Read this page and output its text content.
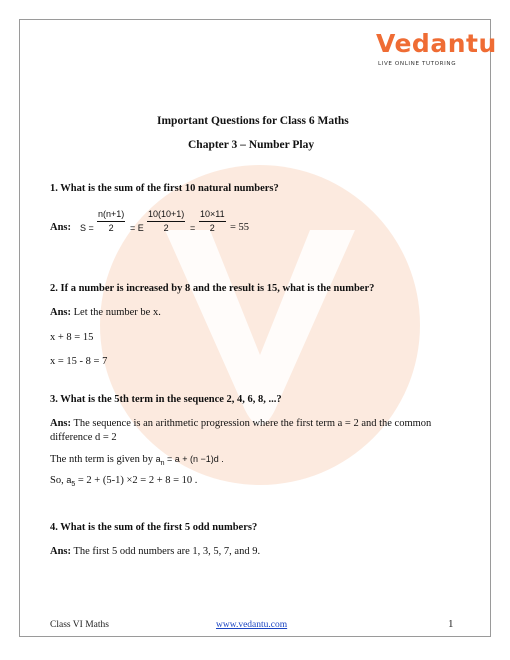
Vedantu
LIVE ONLINE TUTORING
Important Questions for Class 6 Maths
Chapter 3 – Number Play
1. What is the sum of the first 10 natural numbers?
Ans: $S = \frac{n(n+1)}{2} = E \frac{10(10+1)}{2} = \frac{10\times 11}{2} = 55$
2. If a number is increased by 8 and the result is 15, what is the number?
Ans: Let the number be x.
x + 8 = 15
x = 15 - 8 = 7
3. What is the 5th term in the sequence 2, 4, 6, 8, ...?
Ans: The sequence is an arithmetic progression where the first term a = 2 and the common
difference d = 2
The nth term is given by $a_n = a + (n -1)d$ .
So, $a_5 = 2 + (5-1) \times 2 = 2 + 8 = 10$ .
4. What is the sum of the first 5 odd numbers?
Ans: The first 5 odd numbers are 1, 3, 5, 7, and 9.
Class VI Maths	www.vedantu.com	1
